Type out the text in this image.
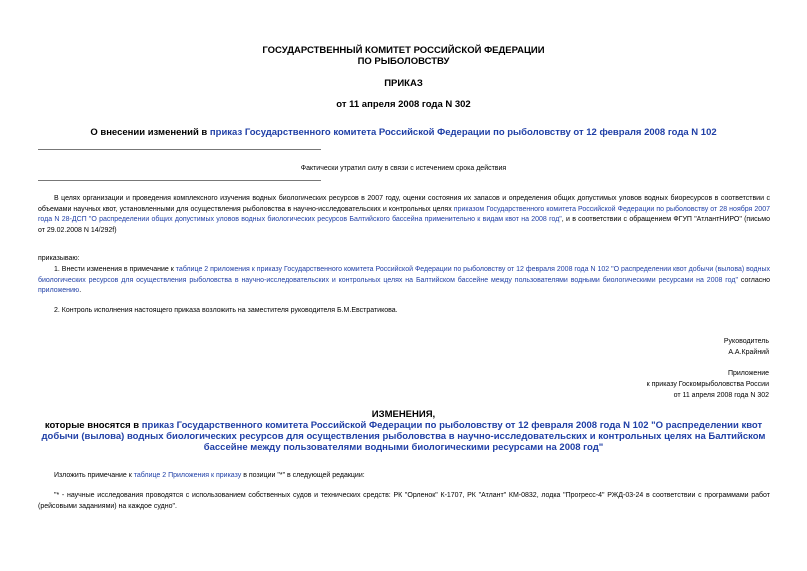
ГОСУДАРСТВЕННЫЙ КОМИТЕТ РОССИЙСКОЙ ФЕДЕРАЦИИ
ПО РЫБОЛОВСТВУ
ПРИКАЗ
от 11 апреля 2008 года N 302
О внесении изменений в приказ Государственного комитета Российской Федерации по рыболовству от 12 февраля 2008 года N 102
Фактически утратил силу в связи с истечением срока действия
В целях организации и проведения комплексного изучения водных биологических ресурсов в 2007 году, оценки состояния их запасов и определения общих допустимых уловов водных биоресурсов в соответствии с объемами научных квот, установленными для осуществления рыболовства в научно-исследовательских и контрольных целях приказом Государственного комитета Российской Федерации по рыболовству от 28 ноября 2007 года N 28-ДСП "О распределении общих допустимых уловов водных биологических ресурсов Балтийского бассейна применительно к видам квот на 2008 год", и в соответствии с обращением ФГУП "АтлантНИРО" (письмо от 29.02.2008 N 14/292f)
приказываю:
1. Внести изменения в примечание к таблице 2 приложения к приказу Государственного комитета Российской Федерации по рыболовству от 12 февраля 2008 года N 102 "О распределении квот добычи (вылова) водных биологических ресурсов для осуществления рыболовства в научно-исследовательских и контрольных целях на Балтийском бассейне между пользователями водными биологическими ресурсами на 2008 год" согласно приложению.
2. Контроль исполнения настоящего приказа возложить на заместителя руководителя Б.М.Евстратикова.
Руководитель
А.А.Крайний
Приложение
к приказу Госкомрыболовства России
от 11 апреля 2008 года N 302
ИЗМЕНЕНИЯ,
которые вносятся в приказ Государственного комитета Российской Федерации по рыболовству от 12 февраля 2008 года N 102 "О распределении квот добычи (вылова) водных биологических ресурсов для осуществления рыболовства в научно-исследовательских и контрольных целях на Балтийском бассейне между пользователями водными биологическими ресурсами на 2008 год"
Изложить примечание к таблице 2 Приложения к приказу в позиции "*" в следующей редакции:
"* - научные исследования проводятся с использованием собственных судов и технических средств: РК "Орленок" К-1707, РК "Атлант" КМ-0832, лодка "Прогресс-4" РЖД-03-24 в соответствии с программами работ (рейсовыми заданиями) на каждое судно".
